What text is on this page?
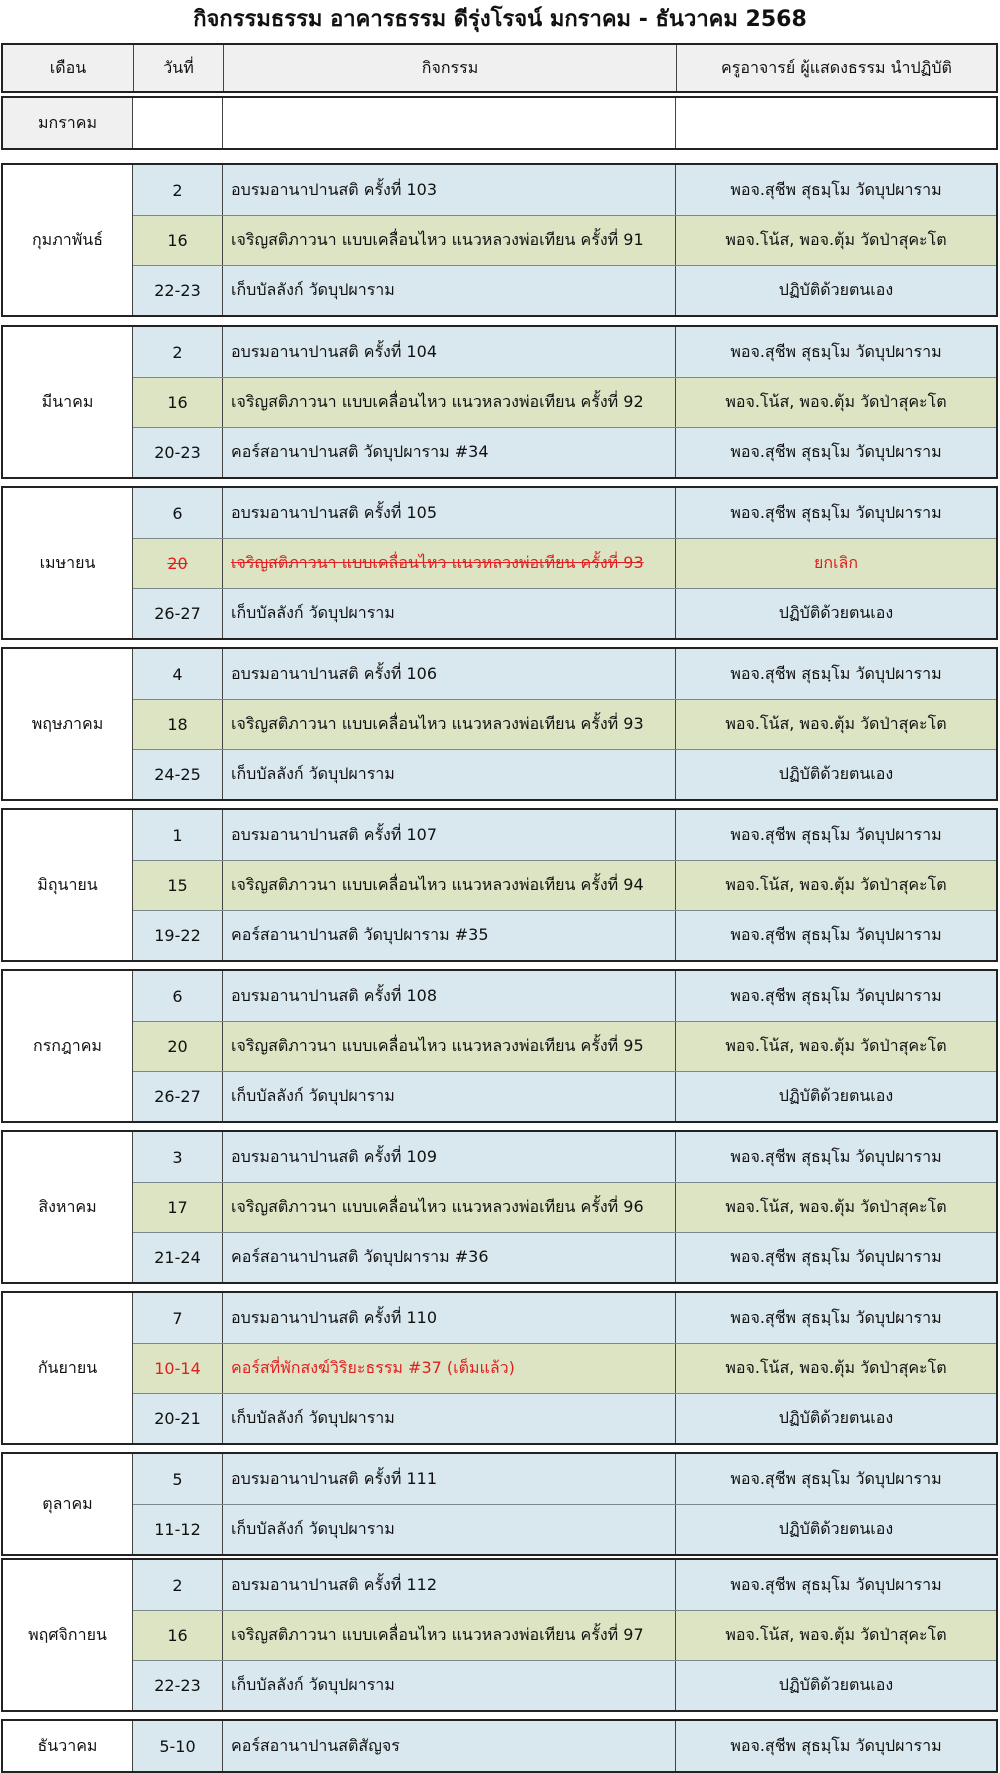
กิจกรรมธรรม อาคารธรรม ดีรุ่งโรจน์ มกราคม - ธันวาคม 2568
เดือน	วันที่	กิจกรรม	ครูอาจารย์ ผู้แสดงธรรม นำปฏิบัติ
มกราคม
กุมภาพันธ์
2	อบรมอานาปานสติ ครั้งที่ 103	พอจ.สุชีพ สุธมฺโม วัดบุปผาราม
16	เจริญสติภาวนา แบบเคลื่อนไหว แนวหลวงพ่อเทียน ครั้งที่ 91	พอจ.โน้ส, พอจ.ตุ้ม วัดป่าสุคะโต
22-23 เก็บบัลลังก์ วัดบุปผาราม	ปฏิบัติด้วยตนเอง
มีนาคม
2	อบรมอานาปานสติ ครั้งที่ 104	พอจ.สุชีพ สุธมฺโม วัดบุปผาราม
16	เจริญสติภาวนา แบบเคลื่อนไหว แนวหลวงพ่อเทียน ครั้งที่ 92	พอจ.โน้ส, พอจ.ตุ้ม วัดป่าสุคะโต
20-23 คอร์สอานาปานสติ วัดบุปผาราม #34	พอจ.สุชีพ สุธมฺโม วัดบุปผาราม
เมษายน
6	อบรมอานาปานสติ ครั้งที่ 105	พอจ.สุชีพ สุธมฺโม วัดบุปผาราม
20	เจริญสติภาวนา แบบเคลื่อนไหว แนวหลวงพ่อเทียน ครั้งที่ 93	ยกเลิก
26-27 เก็บบัลลังก์ วัดบุปผาราม	ปฏิบัติด้วยตนเอง
พฤษภาคม
4	อบรมอานาปานสติ ครั้งที่ 106	พอจ.สุชีพ สุธมฺโม วัดบุปผาราม
18	เจริญสติภาวนา แบบเคลื่อนไหว แนวหลวงพ่อเทียน ครั้งที่ 93	พอจ.โน้ส, พอจ.ตุ้ม วัดป่าสุคะโต
24-25 เก็บบัลลังก์ วัดบุปผาราม	ปฏิบัติด้วยตนเอง
มิถุนายน
1	อบรมอานาปานสติ ครั้งที่ 107	พอจ.สุชีพ สุธมฺโม วัดบุปผาราม
15	เจริญสติภาวนา แบบเคลื่อนไหว แนวหลวงพ่อเทียน ครั้งที่ 94	พอจ.โน้ส, พอจ.ตุ้ม วัดป่าสุคะโต
19-22 คอร์สอานาปานสติ วัดบุปผาราม #35	พอจ.สุชีพ สุธมฺโม วัดบุปผาราม
กรกฎาคม
6	อบรมอานาปานสติ ครั้งที่ 108	พอจ.สุชีพ สุธมฺโม วัดบุปผาราม
20	เจริญสติภาวนา แบบเคลื่อนไหว แนวหลวงพ่อเทียน ครั้งที่ 95	พอจ.โน้ส, พอจ.ตุ้ม วัดป่าสุคะโต
26-27 เก็บบัลลังก์ วัดบุปผาราม	ปฏิบัติด้วยตนเอง
สิงหาคม
3	อบรมอานาปานสติ ครั้งที่ 109	พอจ.สุชีพ สุธมฺโม วัดบุปผาราม
17	เจริญสติภาวนา แบบเคลื่อนไหว แนวหลวงพ่อเทียน ครั้งที่ 96	พอจ.โน้ส, พอจ.ตุ้ม วัดป่าสุคะโต
21-24 คอร์สอานาปานสติ วัดบุปผาราม #36	พอจ.สุชีพ สุธมฺโม วัดบุปผาราม
กันยายน
7	อบรมอานาปานสติ ครั้งที่ 110	พอจ.สุชีพ สุธมฺโม วัดบุปผาราม
10-14 คอร์สที่พักสงฆ์วิริยะธรรม #37 (เต็มแล้ว)	พอจ.โน้ส, พอจ.ตุ้ม วัดป่าสุคะโต
20-21 เก็บบัลลังก์ วัดบุปผาราม	ปฏิบัติด้วยตนเอง
ตุลาคม
5	อบรมอานาปานสติ ครั้งที่ 111	พอจ.สุชีพ สุธมฺโม วัดบุปผาราม
11-12 เก็บบัลลังก์ วัดบุปผาราม	ปฏิบัติด้วยตนเอง
พฤศจิกายน
2	อบรมอานาปานสติ ครั้งที่ 112	พอจ.สุชีพ สุธมฺโม วัดบุปผาราม
16	เจริญสติภาวนา แบบเคลื่อนไหว แนวหลวงพ่อเทียน ครั้งที่ 97	พอจ.โน้ส, พอจ.ตุ้ม วัดป่าสุคะโต
22-23 เก็บบัลลังก์ วัดบุปผาราม	ปฏิบัติด้วยตนเอง
ธันวาคม	5-10 คอร์สอานาปานสติสัญจร	พอจ.สุชีพ สุธมฺโม วัดบุปผาราม
